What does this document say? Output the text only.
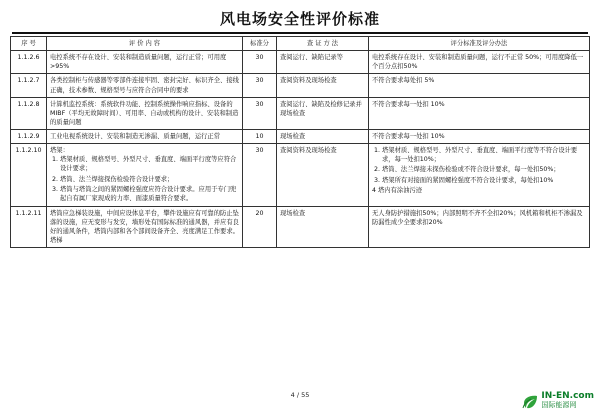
风电场安全性评价标准
序 号	评 价 内 容	标准分	查 证 方 法	评分标准及评分办法
1.1.2.6	电控系统不存在设计、安装和制造质量问题，运行正常；可用度>95%	30	查阅运行、缺陷记录等	电控系统存在设计、安装和制造质量问题，运行不正常 50%；可用度降低一个百分点扣50%
1.1.2.7	各类控制柜与传感器等零部件连接牢固、密封完好、标识齐全、接线正确，技术参数、规格型号与应符合合同中的要求	30	查阅资料及现场检查	不符合要求每处扣 5%
1.1.2.8	计算机监控系统：系统软件功能、控制系统操作响应指标、设备的MIBF（平均无故障时间）、可用率、自动或机构的设计、安装和制造的质量问题	30	查阅运行、缺陷及检修记录并现场检查	不符合要求每一处扣 10%
1.1.2.9	工业电视系统设计、安装和制造无渗漏、质量问题，运行正常	10	现场检查	不符合要求每一处扣 10%
1.1.2.10	塔架：

1. 塔架材质、规格型号、外型尺寸、垂直度、端面平行度等应符合设计要求；
2. 塔筒、法兰焊接探伤检验符合设计要求；
3. 塔筒与塔筒之间的紧固螺栓强度应符合设计要求。应用于专门兜起自有属厂家现成的力率、面漆质量符合要求。
	30	查阅资料及现场检查	
1.塔架材质、规格型号、外型尺寸、垂直度、端面平行度等不符合设计要求，每一处扣10%；
2. 塔筒、法兰焊接未探伤检验或不符合设计要求，每一处扣50%；
3. 塔架所有对接面的紧固螺栓强度不符合设计要求，每处扣10%

4 塔内有涂油污迹

1.1.2.11	塔筒应急梯装设施，中间应设体息平台，攀件设施应有可靠的防止坠落的设施，应无变形与发安，墙形处有国际标准的通风器，并应有良好的通风条件，塔筒内部和各个部间设备齐全、亮度满足工作要求。塔梯	20	现场检查	无人身防护措施扣50%；内部照明不齐不全扣20%；风机箱和机柜不渗漏及防漏性成少全要求扣20%
4 / 55	IN-EN.com
国际能源网
